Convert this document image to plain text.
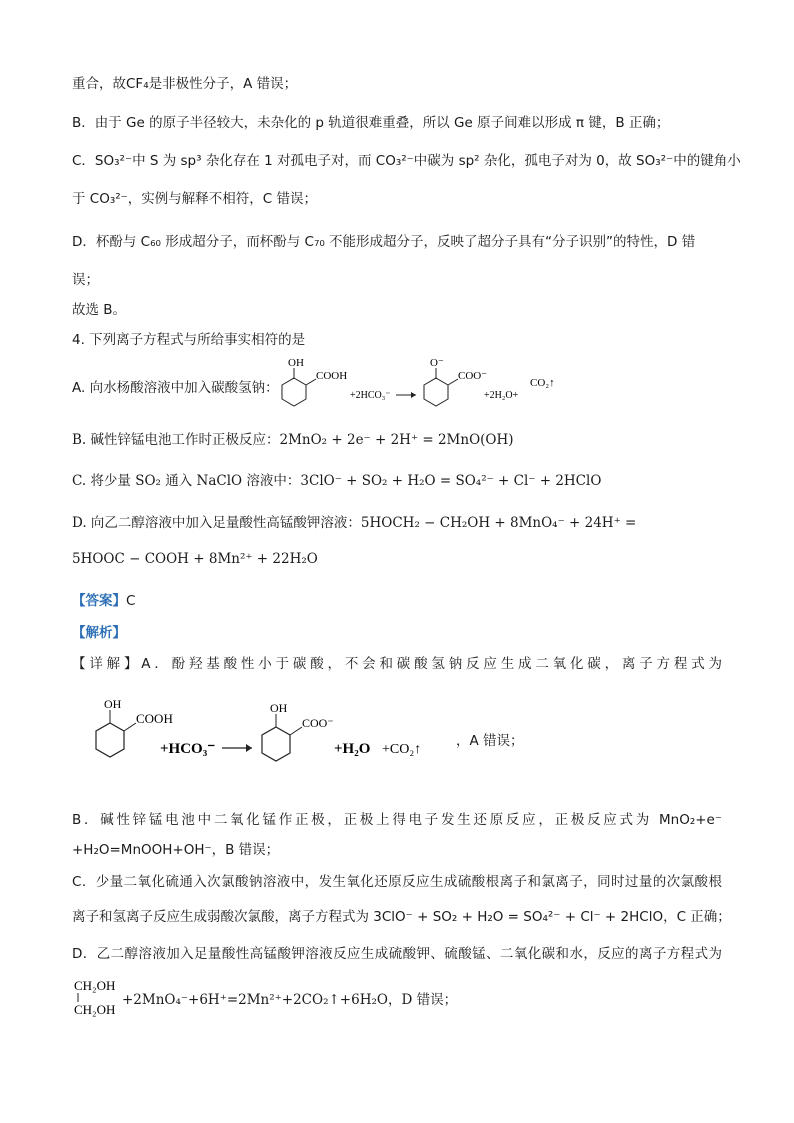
重合，故CF₄是非极性分子，A 错误；
B．由于 Ge 的原子半径较大，未杂化的 p 轨道很难重叠，所以 Ge 原子间难以形成 π 键，B 正确；
C．SO₃²⁻中 S 为 sp³ 杂化存在 1 对孤电子对，而 CO₃²⁻中碳为 sp² 杂化，孤电子对为 0，故 SO₃²⁻中的键角小
于 CO₃²⁻，实例与解释不相符，C 错误；
D．杯酚与 C₆₀ 形成超分子，而杯酚与 C₇₀ 不能形成超分子，反映了超分子具有“分子识别”的特性，D 错
误；
故选 B。
4. 下列离子方程式与所给事实相符的是
A. 向水杨酸溶液中加入碳酸氢钠：
OH
COOH
+2HCO₃⁻
O⁻
COO⁻
+2H₂O+
CO₂↑
B. 碱性锌锰电池工作时正极反应：2MnO₂ + 2e⁻ + 2H⁺ = 2MnO(OH)
C. 将少量 SO₂ 通入 NaClO 溶液中：3ClO⁻ + SO₂ + H₂O = SO₄²⁻ + Cl⁻ + 2HClO
D. 向乙二醇溶液中加入足量酸性高锰酸钾溶液：5HOCH₂ − CH₂OH + 8MnO₄⁻ + 24H⁺ =
5HOOC − COOH + 8Mn²⁺ + 22H₂O
【答案】C
【解析】
【详解】A．酚羟基酸性小于碳酸，不会和碳酸氢钠反应生成二氧化碳，离子方程式为
OH
COOH
+HCO₃⁻
OH
COO⁻
+H₂O +CO₂↑
，A 错误；
B．碱性锌锰电池中二氧化锰作正极，正极上得电子发生还原反应，正极反应式为 MnO₂+e⁻
+H₂O=MnOOH+OH⁻，B 错误；
C．少量二氧化硫通入次氯酸钠溶液中，发生氧化还原反应生成硫酸根离子和氯离子，同时过量的次氯酸根
离子和氢离子反应生成弱酸次氯酸，离子方程式为 3ClO⁻ + SO₂ + H₂O = SO₄²⁻ + Cl⁻ + 2HClO，C 正确；
D．乙二醇溶液加入足量酸性高锰酸钾溶液反应生成硫酸钾、硫酸锰、二氧化碳和水，反应的离子方程式为
CH₂OH
CH₂OH
+2MnO₄⁻+6H⁺=2Mn²⁺+2CO₂↑+6H₂O，D 错误；
